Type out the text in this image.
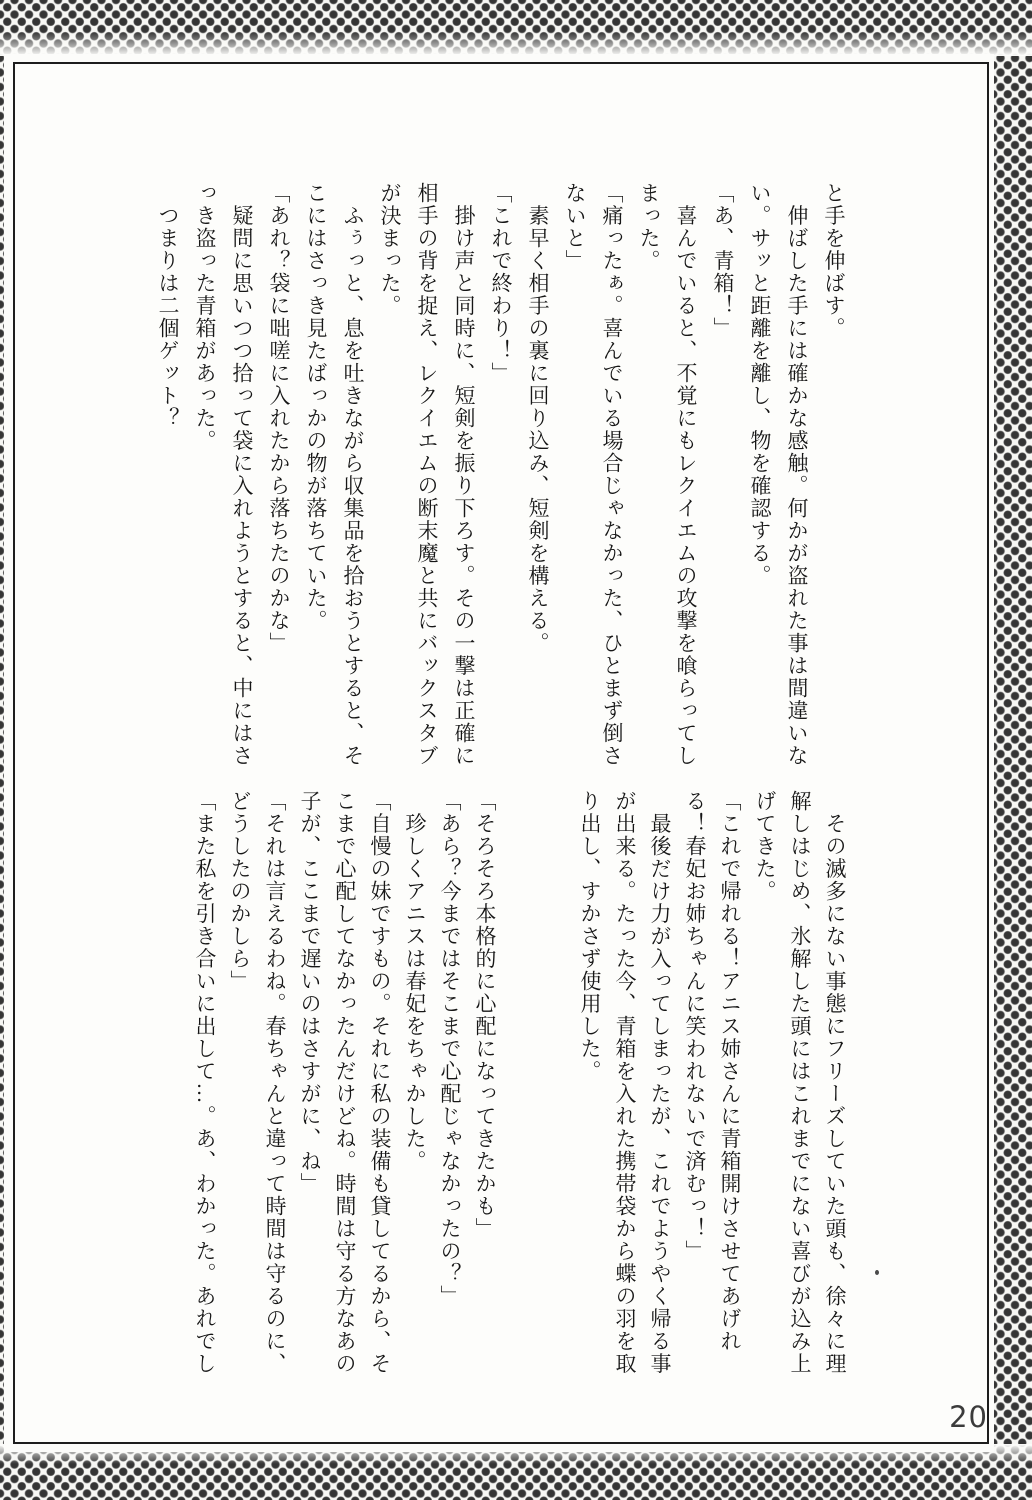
と手を伸ばす。
　伸ばした手には確かな感触。何かが盗れた事は間違いな
い。サッと距離を離し、物を確認する。
「あ、青箱！」
　喜んでいると、不覚にもレクイエムの攻撃を喰らってし
まった。
「痛ったぁ。喜んでいる場合じゃなかった、ひとまず倒さ
ないと」
　素早く相手の裏に回り込み、短剣を構える。
「これで終わり！」
　掛け声と同時に、短剣を振り下ろす。その一撃は正確に
相手の背を捉え、レクイエムの断末魔と共にバックスタブ
が決まった。
　ふぅっと、息を吐きながら収集品を拾おうとすると、そ
こにはさっき見たばっかの物が落ちていた。
「あれ？袋に咄嗟に入れたから落ちたのかな」
　疑問に思いつつ拾って袋に入れようとすると、中にはさ
っき盗った青箱があった。
　つまりは二個ゲット？
　その滅多にない事態にフリーズしていた頭も、徐々に理
解しはじめ、氷解した頭にはこれまでにない喜びが込み上
げてきた。
「これで帰れる！アニス姉さんに青箱開けさせてあげれ
る！春妃お姉ちゃんに笑われないで済むっ！」
　最後だけ力が入ってしまったが、これでようやく帰る事
が出来る。たった今、青箱を入れた携帯袋から蝶の羽を取
り出し、すかさず使用した。
「そろそろ本格的に心配になってきたかも」
「あら？今まではそこまで心配じゃなかったの？」
　珍しくアニスは春妃をちゃかした。
「自慢の妹ですもの。それに私の装備も貸してるから、そ
こまで心配してなかったんだけどね。時間は守る方なあの
子が、ここまで遅いのはさすがに、ね」
「それは言えるわね。春ちゃんと違って時間は守るのに、
どうしたのかしら」
「また私を引き合いに出して…。あ、わかった。あれでし
20
